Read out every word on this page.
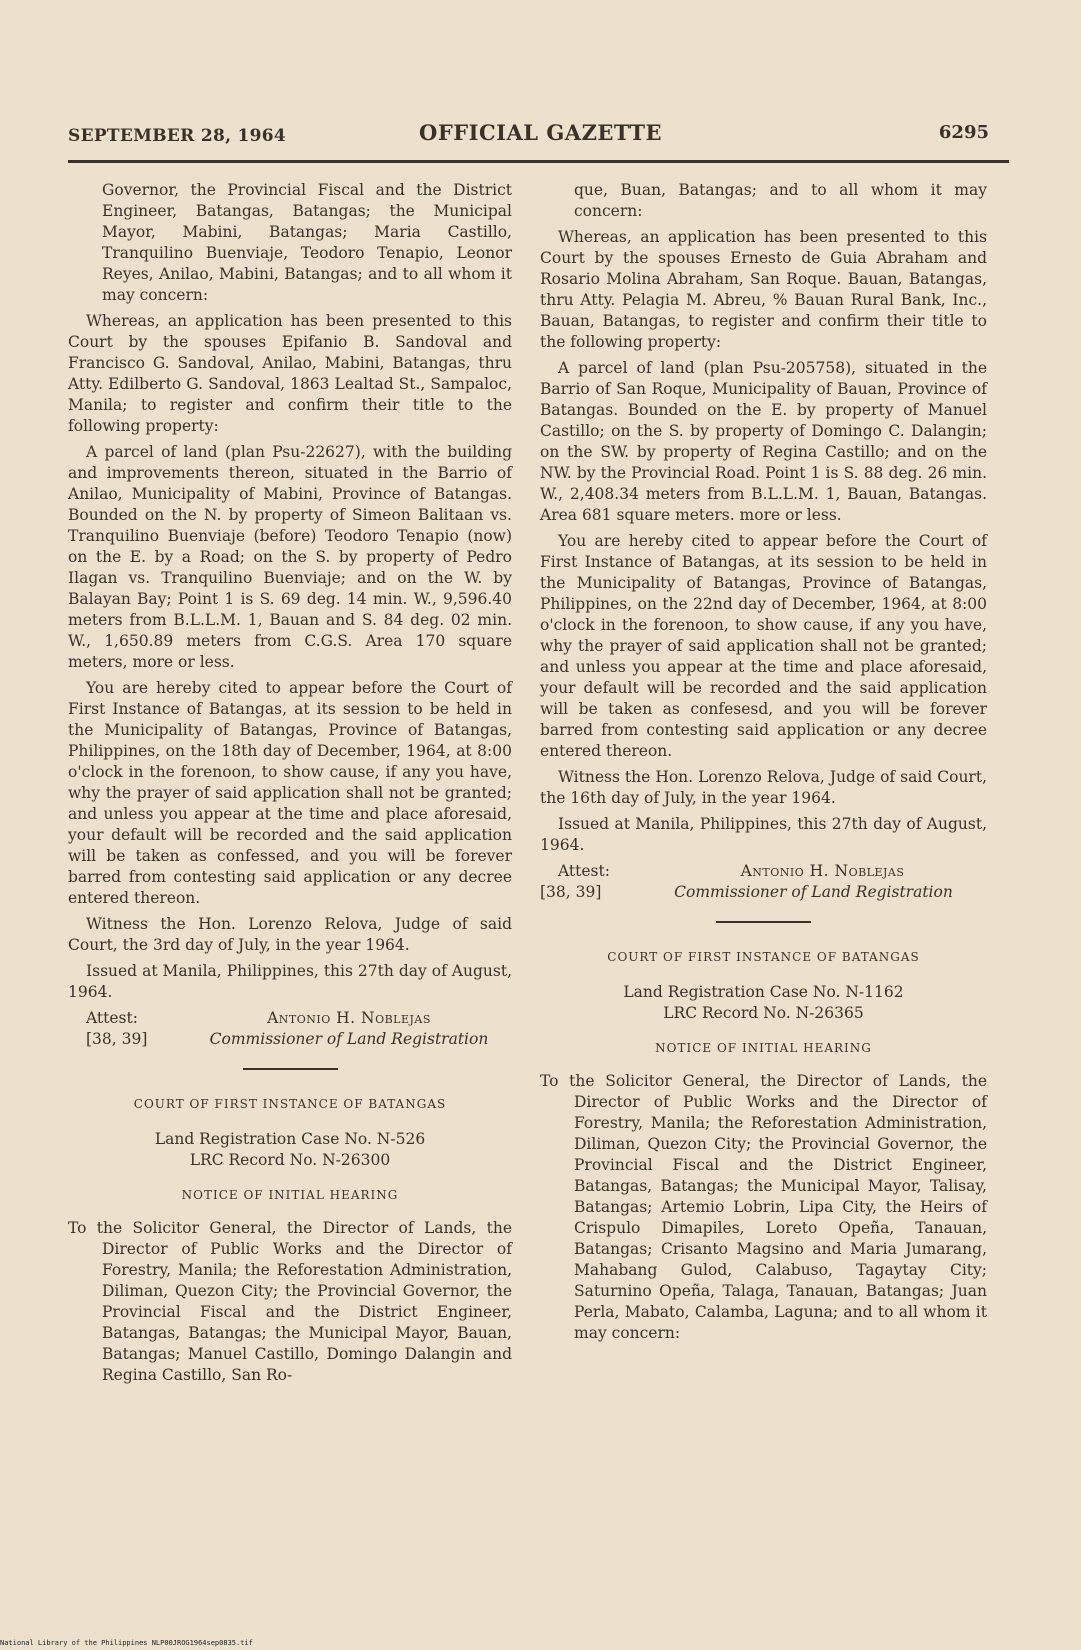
SEPTEMBER 28, 1964	OFFICIAL GAZETTE	6295

Governor, the Provincial Fiscal and the District Engineer, Batangas, Batangas; the Municipal Mayor, Mabini, Batangas; Maria Castillo, Tranquilino Buenviaje, Teodoro Tenapio, Leonor Reyes, Anilao, Mabini, Batangas; and to all whom it may concern:

Whereas, an application has been presented to this Court by the spouses Epifanio B. Sandoval and Francisco G. Sandoval, Anilao, Mabini, Batangas, thru Atty. Edilberto G. Sandoval, 1863 Lealtad St., Sampaloc, Manila; to register and confirm their title to the following property:

A parcel of land (plan Psu-22627), with the building and improvements thereon, situated in the Barrio of Anilao, Municipality of Mabini, Province of Batangas. Bounded on the N. by property of Simeon Balitaan vs. Tranquilino Buenviaje (before) Teodoro Tenapio (now) on the E. by a Road; on the S. by property of Pedro Ilagan vs. Tranquilino Buenviaje; and on the W. by Balayan Bay; Point 1 is S. 69 deg. 14 min. W., 9,596.40 meters from B.L.L.M. 1, Bauan and S. 84 deg. 02 min. W., 1,650.89 meters from C.G.S. Area 170 square meters, more or less.

You are hereby cited to appear before the Court of First Instance of Batangas, at its session to be held in the Municipality of Batangas, Province of Batangas, Philippines, on the 18th day of December, 1964, at 8:00 o'clock in the forenoon, to show cause, if any you have, why the prayer of said application shall not be granted; and unless you appear at the time and place aforesaid, your default will be recorded and the said application will be taken as confessed, and you will be forever barred from contesting said application or any decree entered thereon.

Witness the Hon. Lorenzo Relova, Judge of said Court, the 3rd day of July, in the year 1964.

Issued at Manila, Philippines, this 27th day of August, 1964.

Attest:	Antonio H. Noblejas
[38, 39]	Commissioner of Land Registration

COURT OF FIRST INSTANCE OF BATANGAS

Land Registration Case No. N-526

LRC Record No. N-26300

NOTICE OF INITIAL HEARING

To the Solicitor General, the Director of Lands, the Director of Public Works and the Director of Forestry, Manila; the Reforestation Administration, Diliman, Quezon City; the Provincial Governor, the Provincial Fiscal and the District Engineer, Batangas, Batangas; the Municipal Mayor, Bauan, Batangas; Manuel Castillo, Domingo Dalangin and Regina Castillo, San Ro-

que, Buan, Batangas; and to all whom it may concern:

Whereas, an application has been presented to this Court by the spouses Ernesto de Guia Abraham and Rosario Molina Abraham, San Roque. Bauan, Batangas, thru Atty. Pelagia M. Abreu, % Bauan Rural Bank, Inc., Bauan, Batangas, to register and confirm their title to the following property:

A parcel of land (plan Psu-205758), situated in the Barrio of San Roque, Municipality of Bauan, Province of Batangas. Bounded on the E. by property of Manuel Castillo; on the S. by property of Domingo C. Dalangin; on the SW. by property of Regina Castillo; and on the NW. by the Provincial Road. Point 1 is S. 88 deg. 26 min. W., 2,408.34 meters from B.L.L.M. 1, Bauan, Batangas. Area 681 square meters. more or less.

You are hereby cited to appear before the Court of First Instance of Batangas, at its session to be held in the Municipality of Batangas, Province of Batangas, Philippines, on the 22nd day of December, 1964, at 8:00 o'clock in the forenoon, to show cause, if any you have, why the prayer of said application shall not be granted; and unless you appear at the time and place aforesaid, your default will be recorded and the said application will be taken as confesesd, and you will be forever barred from contesting said application or any decree entered thereon.

Witness the Hon. Lorenzo Relova, Judge of said Court, the 16th day of July, in the year 1964.

Issued at Manila, Philippines, this 27th day of August, 1964.

Attest:	Antonio H. Noblejas
[38, 39]	Commissioner of Land Registration

COURT OF FIRST INSTANCE OF BATANGAS

Land Registration Case No. N-1162

LRC Record No. N-26365

NOTICE OF INITIAL HEARING

To the Solicitor General, the Director of Lands, the Director of Public Works and the Director of Forestry, Manila; the Reforestation Administration, Diliman, Quezon City; the Provincial Governor, the Provincial Fiscal and the District Engineer, Batangas, Batangas; the Municipal Mayor, Talisay, Batangas; Artemio Lobrin, Lipa City, the Heirs of Crispulo Dimapiles, Loreto Opeña, Tanauan, Batangas; Crisanto Magsino and Maria Jumarang, Mahabang Gulod, Calabuso, Tagaytay City; Saturnino Opeña, Talaga, Tanauan, Batangas; Juan Perla, Mabato, Calamba, Laguna; and to all whom it may concern:

National Library of the Philippines NLP00JROG1964sep0835.tif
